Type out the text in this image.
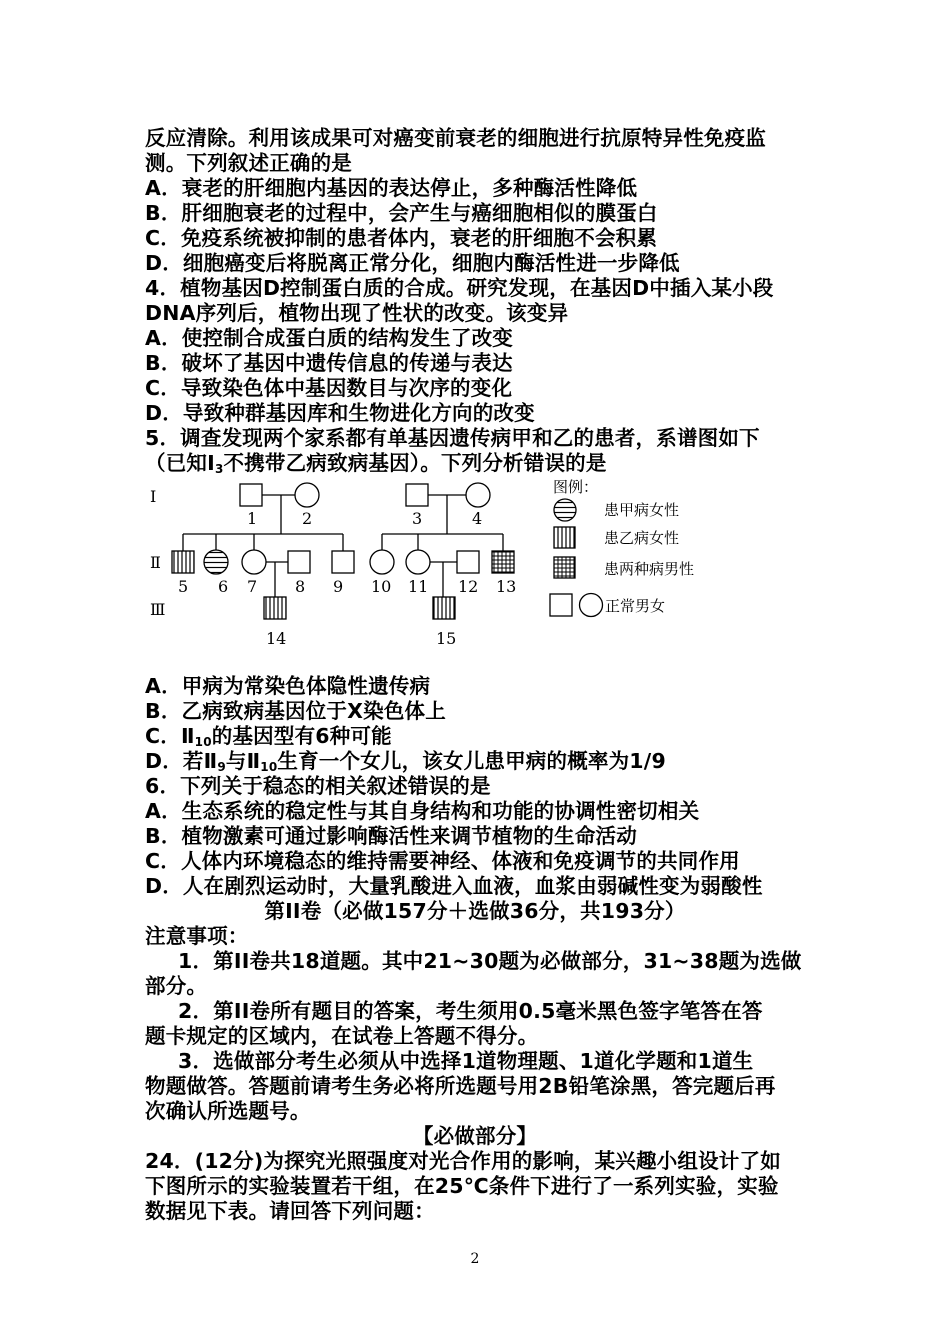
反应清除。利用该成果可对癌变前衰老的细胞进行抗原特异性免疫监
测。下列叙述正确的是
A．衰老的肝细胞内基因的表达停止，多种酶活性降低
B．肝细胞衰老的过程中，会产生与癌细胞相似的膜蛋白
C．免疫系统被抑制的患者体内，衰老的肝细胞不会积累
D．细胞癌变后将脱离正常分化，细胞内酶活性进一步降低
4．植物基因D控制蛋白质的合成。研究发现，在基因D中插入某小段
DNA序列后，植物出现了性状的改变。该变异
A．使控制合成蛋白质的结构发生了改变
B．破坏了基因中遗传信息的传递与表达
C．导致染色体中基因数目与次序的变化
D．导致种群基因库和生物进化方向的改变
5．调查发现两个家系都有单基因遗传病甲和乙的患者，系谱图如下
（已知$Ⅰ_3$不携带乙病致病基因）。下列分析错误的是
Ⅰ
Ⅱ
Ⅲ
1	2
5 6 7 8 9
14
3	4
10 11 12 13
15
图例：
患甲病女性
患乙病女性
患两种病男性
正常男女
A．甲病为常染色体隐性遗传病
B．乙病致病基因位于X染色体上
C．$Ⅱ_{10}$的基因型有6种可能
D．若$Ⅱ_9$与$Ⅱ_{10}$生育一个女儿，该女儿患甲病的概率为1/9
6．下列关于稳态的相关叙述错误的是
A．生态系统的稳定性与其自身结构和功能的协调性密切相关
B．植物激素可通过影响酶活性来调节植物的生命活动
C．人体内环境稳态的维持需要神经、体液和免疫调节的共同作用
D．人在剧烈运动时，大量乳酸进入血液，血浆由弱碱性变为弱酸性
第II卷（必做157分＋选做36分，共193分）
注意事项：
1．第II卷共18道题。其中21~30题为必做部分，31~38题为选做
部分。
2．第II卷所有题目的答案，考生须用0.5毫米黑色签字笔答在答
题卡规定的区域内，在试卷上答题不得分。
3．选做部分考生必须从中选择1道物理题、1道化学题和1道生
物题做答。答题前请考生务必将所选题号用2B铅笔涂黑，答完题后再
次确认所选题号。
【必做部分】
24．(12分)为探究光照强度对光合作用的影响，某兴趣小组设计了如
下图所示的实验装置若干组，在25℃条件下进行了一系列实验，实验
数据见下表。请回答下列问题：
2
